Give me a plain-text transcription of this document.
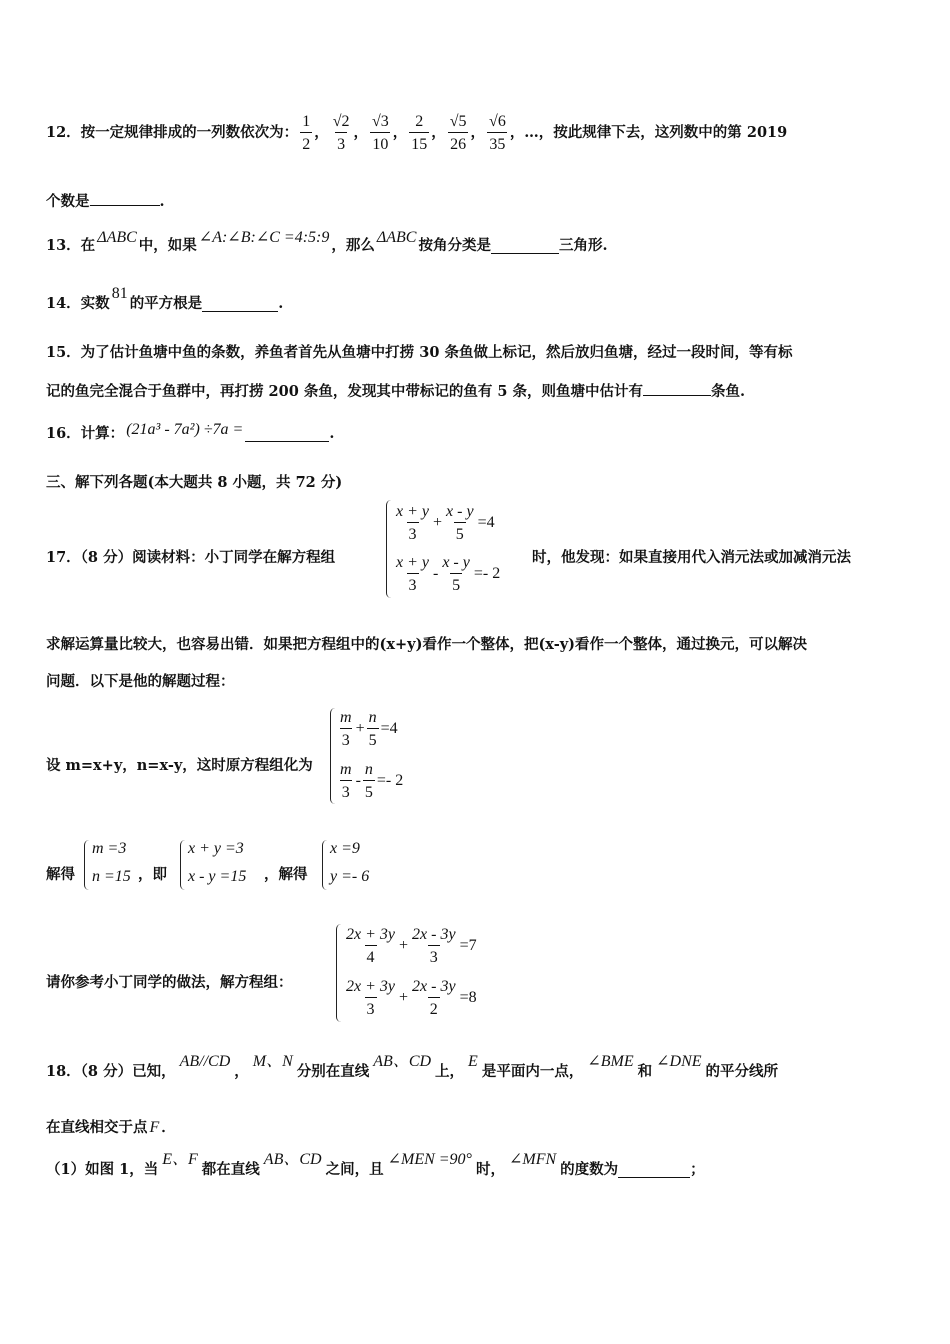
12．按一定规律排成的一列数依次为：
1
2
，
√2
3
，
√3
10
，
2
15
，
√5
26
，
√6
35
，…，按此规律下去，这列数中的第 2019
个数是	.
13．在 ΔABC 中，如果 ∠A:∠B:∠C =4:5:9 ，那么 ΔABC 按角分类是	三角形.
14．实数
81
的平方根是	.
15．为了估计鱼塘中鱼的条数，养鱼者首先从鱼塘中打捞 30 条鱼做上标记，然后放归鱼塘，经过一段时间，等有标
记的鱼完全混合于鱼群中，再打捞 200 条鱼，发现其中带标记的鱼有 5 条，则鱼塘中估计有	条鱼.
16．计算： (21a³ - 7a²) ÷7a =	.
三、解下列各题(本大题共 8 小题，共 72 分)
17．（8 分）阅读材料：小丁同学在解方程组
x + y
3
+ $\frac{x - y}{5} =4$
x + y
3
- $\frac{x - y}{5} =- 2$
时，他发现：如果直接用代入消元法或加减消元法
求解运算量比较大，也容易出错．如果把方程组中的(x+y)看作一个整体，把(x-y)看作一个整体，通过换元，可以解决
问题．以下是他的解题过程：
设 m=x+y，n=x-y，这时原方程组化为
m
3
+ $\frac{n}{5} =4$
m
3
- $\frac{n}{5} =- 2$
解得
m =3
n =15 ，即
x + y =3
x - y =15 ，解得
x =9
y =- 6
请你参考小丁同学的做法，解方程组：
2x + 3y
4
+ $\frac{2x - 3y}{3} =7$
2x + 3y
3
+ $\frac{2x - 3y}{2} =8$
18．（8 分）已知，
AB//CD
，
M、N
分别在直线
AB、CD
上，
E
是平面内一点，
∠BME
和
∠DNE
的平分线所
在直线相交于点 F ．
（1）如图 1，当
E、F
都在直线
AB、CD
之间，且
∠MEN =90°
时，
∠MFN
的度数为	；
